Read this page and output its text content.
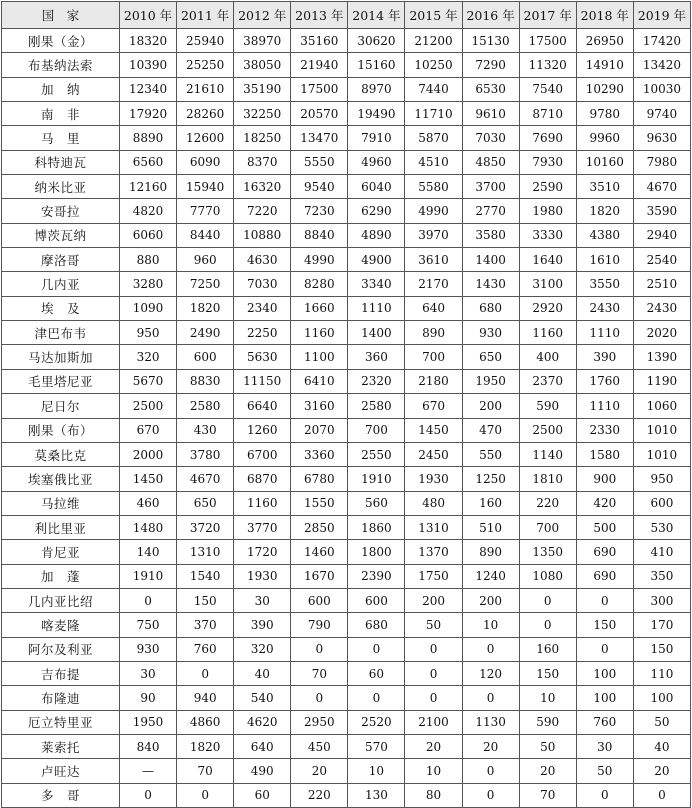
国　家	2010 年	2011 年	2012 年	2013 年	2014 年	2015 年	2016 年	2017 年	2018 年	2019 年
刚果（金）	18320	25940	38970	35160	30620	21200	15130	17500	26950	17420
布基纳法索	10390	25250	38050	21940	15160	10250	7290	11320	14910	13420
加　纳	12340	21610	35190	17500	8970	7440	6530	7540	10290	10030
南　非	17920	28260	32250	20570	19490	11710	9610	8710	9780	9740
马　里	8890	12600	18250	13470	7910	5870	7030	7690	9960	9630
科特迪瓦	6560	6090	8370	5550	4960	4510	4850	7930	10160	7980
纳米比亚	12160	15940	16320	9540	6040	5580	3700	2590	3510	4670
安哥拉	4820	7770	7220	7230	6290	4990	2770	1980	1820	3590
博茨瓦纳	6060	8440	10880	8840	4890	3970	3580	3330	4380	2940
摩洛哥	880	960	4630	4990	4900	3610	1400	1640	1610	2540
几内亚	3280	7250	7030	8280	3340	2170	1430	3100	3550	2510
埃　及	1090	1820	2340	1660	1110	640	680	2920	2430	2430
津巴布韦	950	2490	2250	1160	1400	890	930	1160	1110	2020
马达加斯加	320	600	5630	1100	360	700	650	400	390	1390
毛里塔尼亚	5670	8830	11150	6410	2320	2180	1950	2370	1760	1190
尼日尔	2500	2580	6640	3160	2580	670	200	590	1110	1060
刚果（布）	670	430	1260	2070	700	1450	470	2500	2330	1010
莫桑比克	2000	3780	6700	3360	2550	2450	550	1140	1580	1010
埃塞俄比亚	1450	4670	6870	6780	1910	1930	1250	1810	900	950
马拉维	460	650	1160	1550	560	480	160	220	420	600
利比里亚	1480	3720	3770	2850	1860	1310	510	700	500	530
肯尼亚	140	1310	1720	1460	1800	1370	890	1350	690	410
加　蓬	1910	1540	1930	1670	2390	1750	1240	1080	690	350
几内亚比绍	0	150	30	600	600	200	200	0	0	300
喀麦隆	750	370	390	790	680	50	10	0	150	170
阿尔及利亚	930	760	320	0	0	0	0	160	0	150
吉布提	30	0	40	70	60	0	120	150	100	110
布隆迪	90	940	540	0	0	0	0	10	100	100
厄立特里亚	1950	4860	4620	2950	2520	2100	1130	590	760	50
莱索托	840	1820	640	450	570	20	20	50	30	40
卢旺达	—	70	490	20	10	10	0	20	50	20
多　哥	0	0	60	220	130	80	0	70	0	0
